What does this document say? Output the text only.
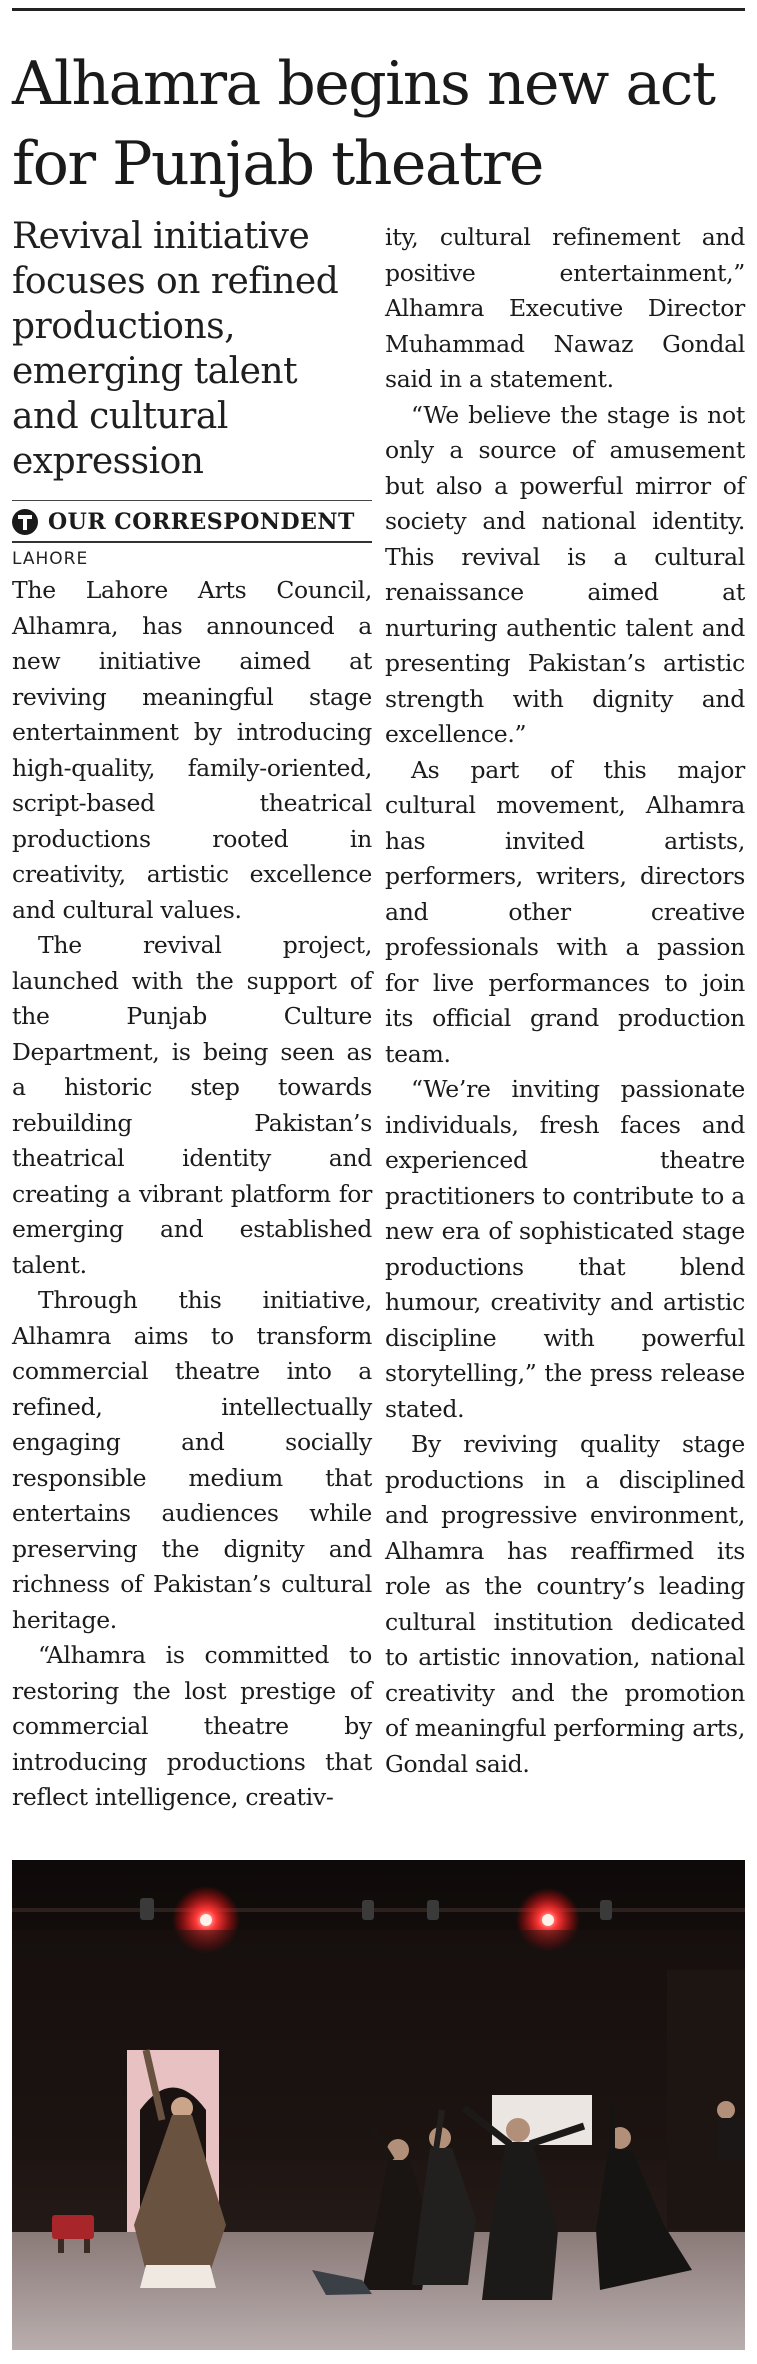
Alhamra begins new act for Punjab theatre

Revival initiative focuses on refined productions, emerging talent and cultural expression

OUR CORRESPONDENT
LAHORE

The Lahore Arts Council, Alhamra, has announced a new initiative aimed at reviving meaningful stage entertainment by introducing high-quality, family-oriented, script-based theatrical productions rooted in creativity, artistic excellence and cultural values.

The revival project, launched with the support of the Punjab Culture Department, is being seen as a historic step towards rebuilding Pakistan’s theatrical identity and creating a vibrant platform for emerging and established talent.

Through this initiative, Alhamra aims to transform commercial theatre into a refined, intellectually engaging and socially responsible medium that entertains audiences while preserving the dignity and richness of Pakistan’s cultural heritage.

“Alhamra is committed to restoring the lost prestige of commercial theatre by introducing productions that reflect intelligence, creativ-

ity, cultural refinement and positive entertainment,” Alhamra Executive Director Muhammad Nawaz Gondal said in a statement.

“We believe the stage is not only a source of amusement but also a powerful mirror of society and national identity. This revival is a cultural renaissance aimed at nurturing authentic talent and presenting Pakistan’s artistic strength with dignity and excellence.”

As part of this major cultural movement, Alhamra has invited artists, performers, writers, directors and other creative professionals with a passion for live performances to join its official grand production team.

“We’re inviting passionate individuals, fresh faces and experienced theatre practitioners to contribute to a new era of sophisticated stage productions that blend humour, creativity and artistic discipline with powerful storytelling,” the press release stated.

By reviving quality stage productions in a disciplined and progressive environment, Alhamra has reaffirmed its role as the country’s leading cultural institution dedicated to artistic innovation, national creativity and the promotion of meaningful performing arts, Gondal said.
